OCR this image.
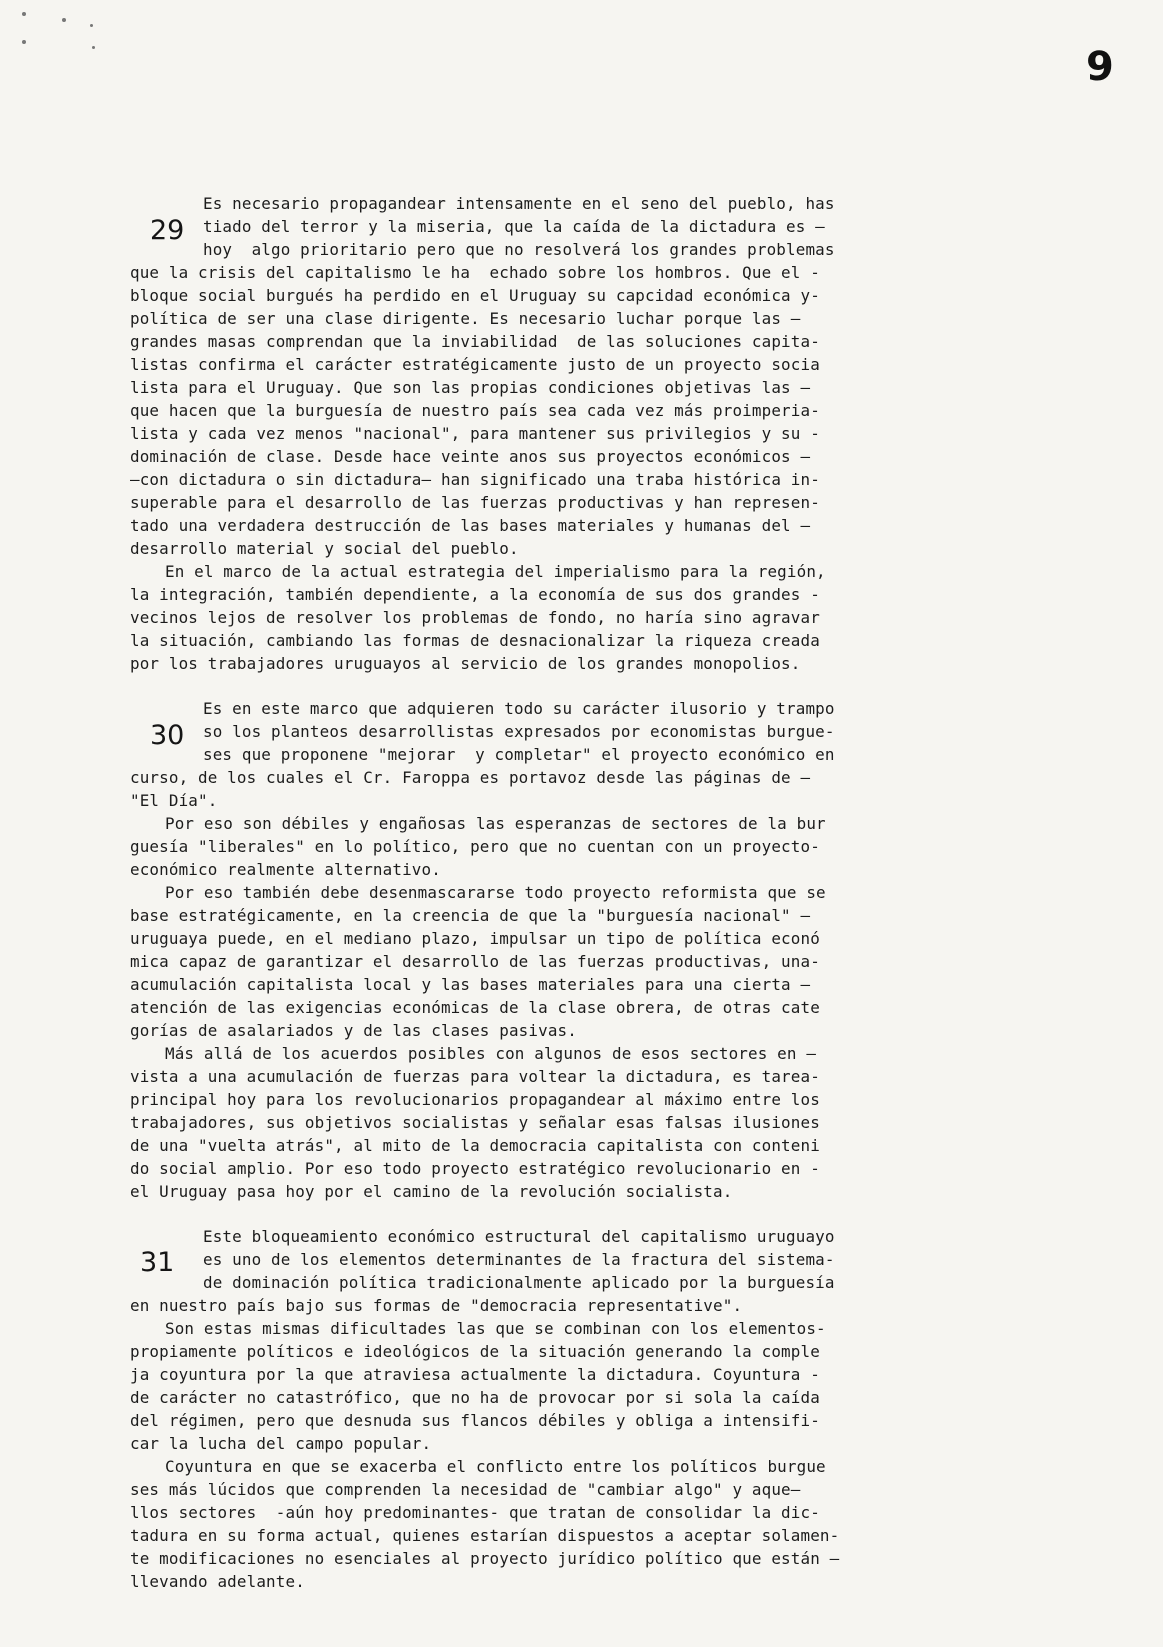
9
29
Es necesario propagandear intensamente en el seno del pueblo, has
tiado del terror y la miseria, que la caída de la dictadura es —
hoy  algo prioritario pero que no resolverá los grandes problemas
que la crisis del capitalismo le ha  echado sobre los hombros. Que el -
bloque social burgués ha perdido en el Uruguay su capcidad económica y-
política de ser una clase dirigente. Es necesario luchar porque las —
grandes masas comprendan que la inviabilidad  de las soluciones capita-
listas confirma el carácter estratégicamente justo de un proyecto socia
lista para el Uruguay. Que son las propias condiciones objetivas las —
que hacen que la burguesía de nuestro país sea cada vez más proimperia-
lista y cada vez menos "nacional", para mantener sus privilegios y su -
dominación de clase. Desde hace veinte anos sus proyectos económicos —
—con dictadura o sin dictadura— han significado una traba histórica in-
superable para el desarrollo de las fuerzas productivas y han represen-
tado una verdadera destrucción de las bases materiales y humanas del —
desarrollo material y social del pueblo.
En el marco de la actual estrategia del imperialismo para la región,
la integración, también dependiente, a la economía de sus dos grandes -
vecinos lejos de resolver los problemas de fondo, no haría sino agravar
la situación, cambiando las formas de desnacionalizar la riqueza creada
por los trabajadores uruguayos al servicio de los grandes monopolios.
30
Es en este marco que adquieren todo su carácter ilusorio y trampo
so los planteos desarrollistas expresados por economistas burgue-
ses que proponene "mejorar  y completar" el proyecto económico en
curso, de los cuales el Cr. Faroppa es portavoz desde las páginas de —
"El Día".
Por eso son débiles y engañosas las esperanzas de sectores de la bur
guesía "liberales" en lo político, pero que no cuentan con un proyecto-
económico realmente alternativo.
Por eso también debe desenmascararse todo proyecto reformista que se
base estratégicamente, en la creencia de que la "burguesía nacional" —
uruguaya puede, en el mediano plazo, impulsar un tipo de política econó
mica capaz de garantizar el desarrollo de las fuerzas productivas, una-
acumulación capitalista local y las bases materiales para una cierta —
atención de las exigencias económicas de la clase obrera, de otras cate
gorías de asalariados y de las clases pasivas.
Más allá de los acuerdos posibles con algunos de esos sectores en —
vista a una acumulación de fuerzas para voltear la dictadura, es tarea-
principal hoy para los revolucionarios propagandear al máximo entre los
trabajadores, sus objetivos socialistas y señalar esas falsas ilusiones
de una "vuelta atrás", al mito de la democracia capitalista con conteni
do social amplio. Por eso todo proyecto estratégico revolucionario en -
el Uruguay pasa hoy por el camino de la revolución socialista.
31
Este bloqueamiento económico estructural del capitalismo uruguayo
es uno de los elementos determinantes de la fractura del sistema-
de dominación política tradicionalmente aplicado por la burguesía
en nuestro país bajo sus formas de "democracia representative".
Son estas mismas dificultades las que se combinan con los elementos-
propiamente políticos e ideológicos de la situación generando la comple
ja coyuntura por la que atraviesa actualmente la dictadura. Coyuntura -
de carácter no catastrófico, que no ha de provocar por si sola la caída
del régimen, pero que desnuda sus flancos débiles y obliga a intensifi-
car la lucha del campo popular.
Coyuntura en que se exacerba el conflicto entre los políticos burgue
ses más lúcidos que comprenden la necesidad de "cambiar algo" y aque—
llos sectores  -aún hoy predominantes- que tratan de consolidar la dic-
tadura en su forma actual, quienes estarían dispuestos a aceptar solamen-
te modificaciones no esenciales al proyecto jurídico político que están —
llevando adelante.
